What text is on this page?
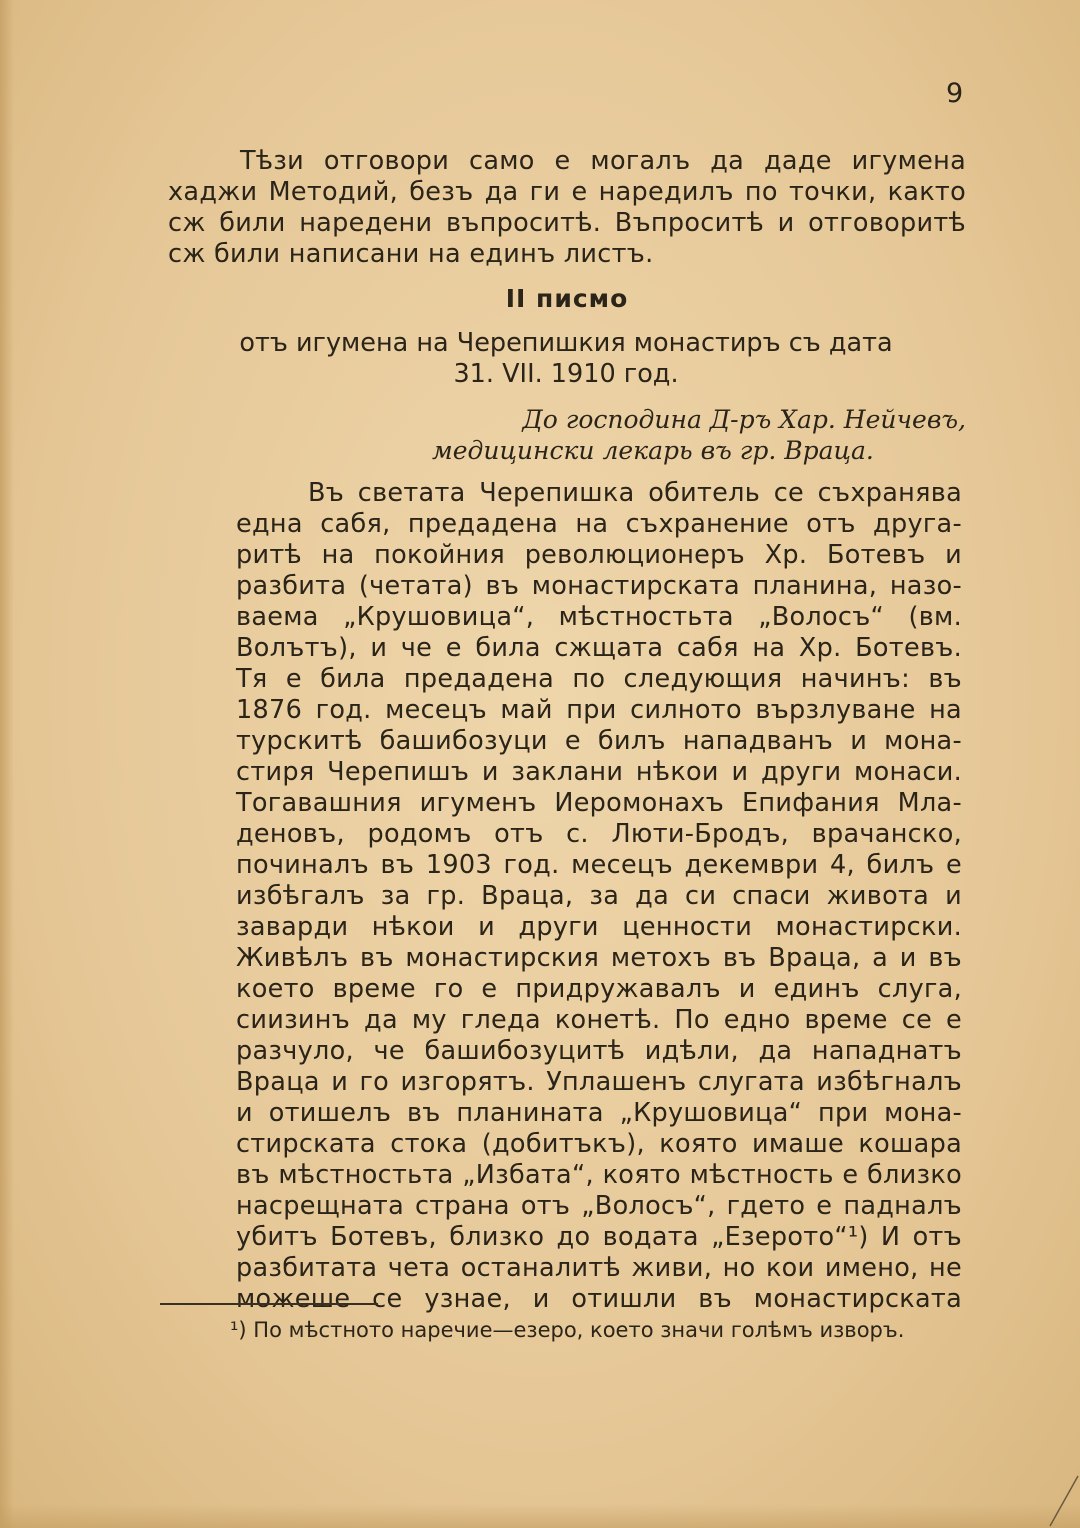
9
Тѣзи отговори само е могалъ да даде игумена
хаджи Методий, безъ да ги е наредилъ по точки, както
сж били наредени въпроситѣ. Въпроситѣ и отговоритѣ
сж били написани на единъ листъ.
II писмо
отъ игумена на Черепишкия монастиръ съ дата
31. VII. 1910 год.
До господина Д-ръ Хар. Нейчевъ,
медицински лекарь въ гр. Враца.
Въ светата Черепишка обитель се съхранява
една сабя, предадена на съхранение отъ друга-
ритѣ на покойния революционеръ Хр. Ботевъ и
разбита (четата) въ монастирската планина, назо-
ваема „Крушовица“, мѣстностьта „Волосъ“ (вм.
Волътъ), и че е била сжщата сабя на Хр. Ботевъ.
Тя е била предадена по следующия начинъ: въ
1876 год. месецъ май при силното вързлуване на
турскитѣ башибозуци е билъ нападванъ и мона-
стиря Черепишъ и заклани нѣкои и други монаси.
Тогавашния игуменъ Иеромонахъ Епифания Мла-
деновъ, родомъ отъ с. Люти-Бродъ, врачанско,
починалъ въ 1903 год. месецъ декември 4, билъ е
избѣгалъ за гр. Враца, за да си спаси живота и
заварди нѣкои и други ценности монастирски.
Живѣлъ въ монастирския метохъ въ Враца, а и въ
което време го е придружавалъ и единъ слуга,
сиизинъ да му гледа конетѣ. По едно време се е
разчуло, че башибозуцитѣ идѣли, да нападнатъ
Враца и го изгорятъ. Уплашенъ слугата избѣгналъ
и отишелъ въ планината „Крушовица“ при мона-
стирската стока (добитъкъ), която имаше кошара
въ мѣстностьта „Избата“, която мѣстность е близко
насрещната страна отъ „Волосъ“, гдето е падналъ
убитъ Ботевъ, близко до водата „Езерото“¹) И отъ
разбитата чета останалитѣ живи, но кои имено, не
можеше се узнае, и отишли въ монастирската
¹) По мѣстното наречие—езеро, което значи голѣмъ изворъ.
